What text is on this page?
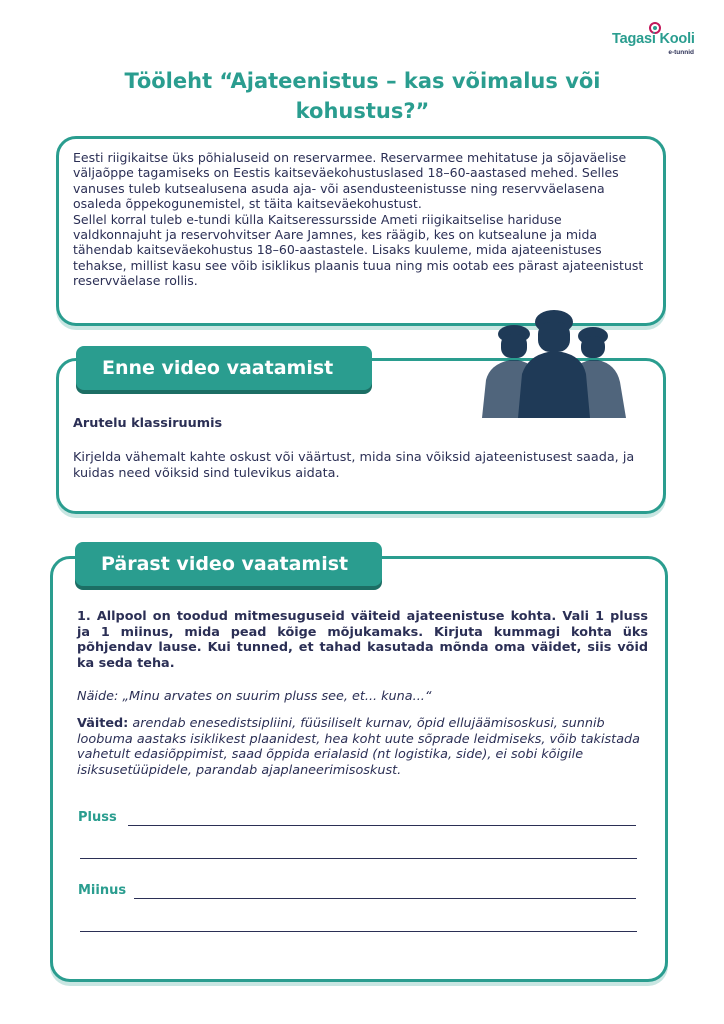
Tagasi Kooli
e-tunnid
Tööleht “Ajateenistus – kas võimalus või kohustus?”

Eesti riigikaitse üks põhialuseid on reservarmee. Reservarmee mehitatuse ja sõjaväelise väljaõppe tagamiseks on Eestis kaitseväekohustuslased 18–60-aastased mehed. Selles vanuses tuleb kutsealusena asuda aja- või asendusteenistusse ning reservväelasena osaleda õppekogunemistel, st täita kaitseväekohustust.

Sellel korral tuleb e-tundi külla Kaitseressursside Ameti riigikaitselise hariduse valdkonnajuht ja reservohvitser Aare Jamnes, kes räägib, kes on kutsealune ja mida tähendab kaitseväekohustus 18–60-aastastele. Lisaks kuuleme, mida ajateenistuses tehakse, millist kasu see võib isiklikus plaanis tuua ning mis ootab ees pärast ajateenistust reservväelase rollis.

Enne video vaatamist
Arutelu klassiruumis
Kirjelda vähemalt kahte oskust või väärtust, mida sina võiksid ajateenistusest saada, ja kuidas need võiksid sind tulevikus aidata.
Pärast video vaatamist
1. Allpool on toodud mitmesuguseid väiteid ajateenistuse kohta. Vali 1 pluss ja 1 miinus, mida pead kõige mõjukamaks. Kirjuta kummagi kohta üks põhjendav lause. Kui tunned, et tahad kasutada mõnda oma väidet, siis võid ka seda teha.
Näide: „Minu arvates on suurim pluss see, et... kuna...“
Väited: arendab enesedistsipliini, füüsiliselt kurnav, õpid ellujäämisoskusi, sunnib loobuma aastaks isiklikest plaanidest, hea koht uute sõprade leidmiseks, võib takistada vahetult edasiõppimist, saad õppida erialasid (nt logistika, side), ei sobi kõigile isiksusetüüpidele, parandab ajaplaneerimisoskust.
Pluss
Miinus
